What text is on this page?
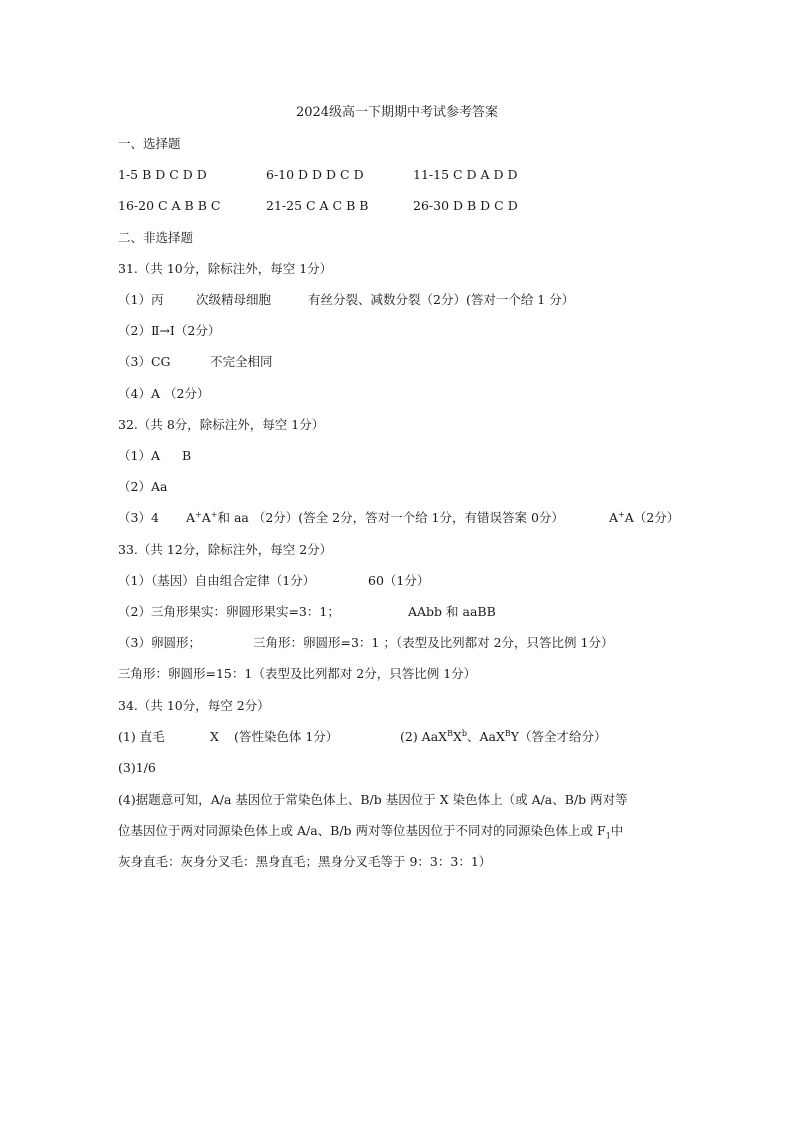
2024级高一下期期中考试参考答案
一、选择题
1-5 B D C D D	6-10 D D D C D	11-15 C D A D D
16-20 C A B B C	21-25 C A C B B	26-30 D B D C D
二、非选择题
31.（共 10分，除标注外，每空 1分）
（1）丙	次级精母细胞	有丝分裂、减数分裂（2分）(答对一个给 1 分）
（2）Ⅱ→Ⅰ（2分）
（3）CG	不完全相同
（4）A （2分）
32.（共 8分，除标注外，每空 1分）
（1）A B
（2）Aa
（3）4 A+A+和 aa （2分）(答全 2分，答对一个给 1分，有错误答案 0分）	A+A（2分）
33.（共 12分，除标注外，每空 2分）
（1）（基因）自由组合定律（1分）	60（1分）
（2）三角形果实：卵圆形果实=3：1；	AAbb 和 aaBB
（3）卵圆形；	三角形：卵圆形=3：1 ；（表型及比列都对 2分，只答比例 1分）
三角形：卵圆形=15：1（表型及比列都对 2分，只答比例 1分）
34.（共 10分，每空 2分）
(1) 直毛	X (答性染色体 1分）	(2) $AaX^BX^b$、AaX$^B$Y（答全才给分）
(3)1/6
(4)据题意可知，A/a 基因位于常染色体上、B/b 基因位于 X 染色体上（或 A/a、B/b 两对等
位基因位于两对同源染色体上或 A/a、B/b 两对等位基因位于不同对的同源染色体上或 $F_1$中
灰身直毛：灰身分叉毛：黑身直毛；黑身分叉毛等于 9：3：3：1）
